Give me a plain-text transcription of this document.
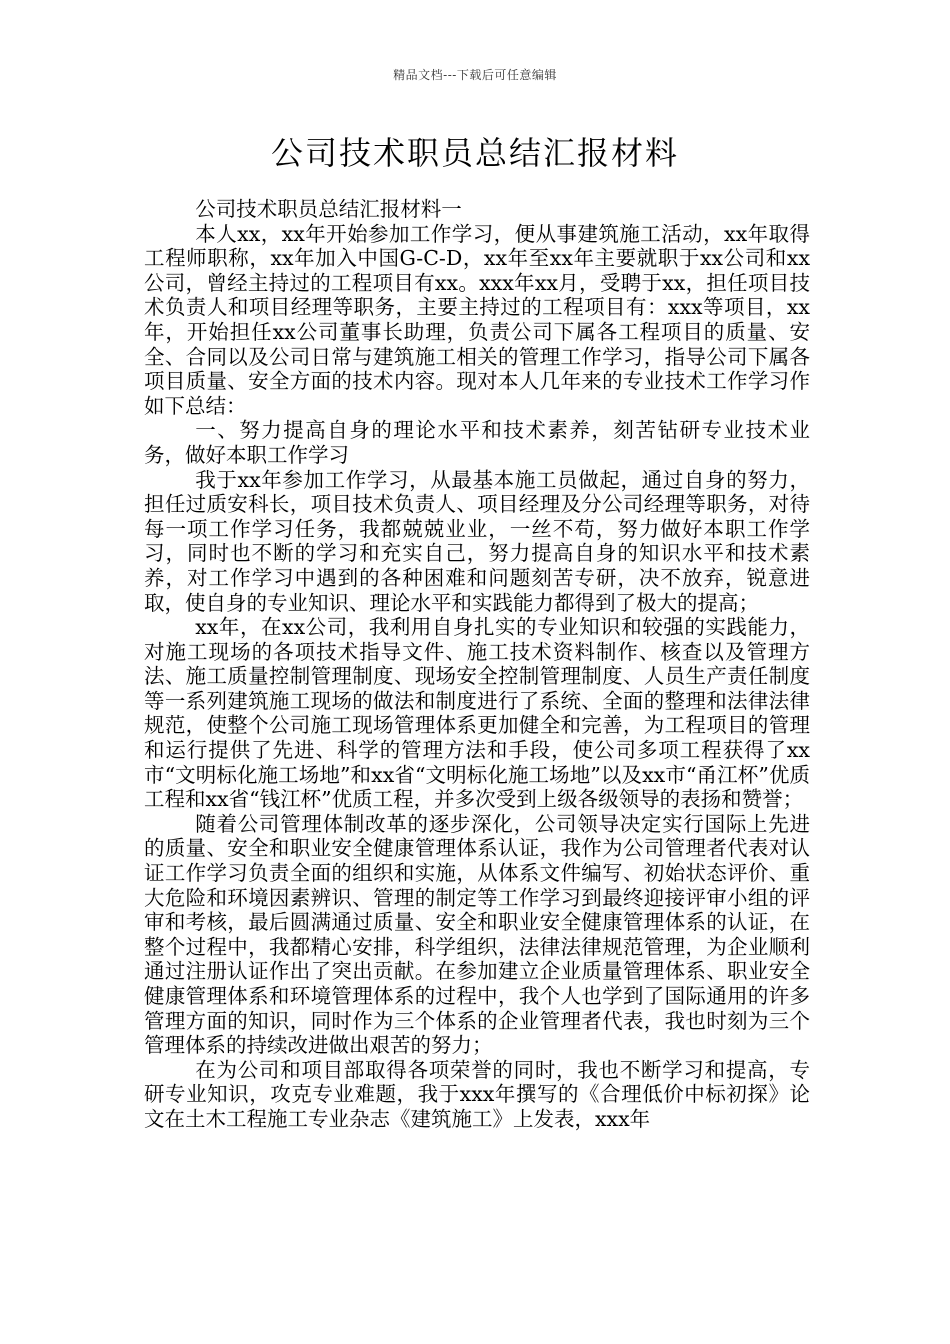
精品文档---下载后可任意编辑
公司技术职员总结汇报材料

公司技术职员总结汇报材料一

本人xx，xx年开始参加工作学习，便从事建筑施工活动，xx年取得工程师职称，xx年加入中国G-C-D，xx年至xx年主要就职于xx公司和xx公司，曾经主持过的工程项目有xx。xxx年xx月，受聘于xx，担任项目技术负责人和项目经理等职务，主要主持过的工程项目有：xxx等项目，xx年，开始担任xx公司董事长助理，负责公司下属各工程项目的质量、安全、合同以及公司日常与建筑施工相关的管理工作学习，指导公司下属各项目质量、安全方面的技术内容。现对本人几年来的专业技术工作学习作如下总结：

一、努力提高自身的理论水平和技术素养，刻苦钻研专业技术业务，做好本职工作学习

我于xx年参加工作学习，从最基本施工员做起，通过自身的努力，担任过质安科长，项目技术负责人、项目经理及分公司经理等职务，对待每一项工作学习任务，我都兢兢业业，一丝不苟，努力做好本职工作学习，同时也不断的学习和充实自己，努力提高自身的知识水平和技术素养，对工作学习中遇到的各种困难和问题刻苦专研，决不放弃，锐意进取，使自身的专业知识、理论水平和实践能力都得到了极大的提高；

xx年，在xx公司，我利用自身扎实的专业知识和较强的实践能力，对施工现场的各项技术指导文件、施工技术资料制作、核查以及管理方法、施工质量控制管理制度、现场安全控制管理制度、人员生产责任制度等一系列建筑施工现场的做法和制度进行了系统、全面的整理和法律法律规范，使整个公司施工现场管理体系更加健全和完善，为工程项目的管理和运行提供了先进、科学的管理方法和手段，使公司多项工程获得了xx市“文明标化施工场地”和xx省“文明标化施工场地”以及xx市“甬江杯”优质工程和xx省“钱江杯”优质工程，并多次受到上级各级领导的表扬和赞誉；

随着公司管理体制改革的逐步深化，公司领导决定实行国际上先进的质量、安全和职业安全健康管理体系认证，我作为公司管理者代表对认证工作学习负责全面的组织和实施，从体系文件编写、初始状态评价、重大危险和环境因素辨识、管理的制定等工作学习到最终迎接评审小组的评审和考核，最后圆满通过质量、安全和职业安全健康管理体系的认证，在整个过程中，我都精心安排，科学组织，法律法律规范管理，为企业顺利通过注册认证作出了突出贡献。在参加建立企业质量管理体系、职业安全健康管理体系和环境管理体系的过程中，我个人也学到了国际通用的许多管理方面的知识，同时作为三个体系的企业管理者代表，我也时刻为三个管理体系的持续改进做出艰苦的努力；

在为公司和项目部取得各项荣誉的同时，我也不断学习和提高，专研专业知识，攻克专业难题，我于xxx年撰写的《合理低价中标初探》论文在土木工程施工专业杂志《建筑施工》上发表，xxx年
